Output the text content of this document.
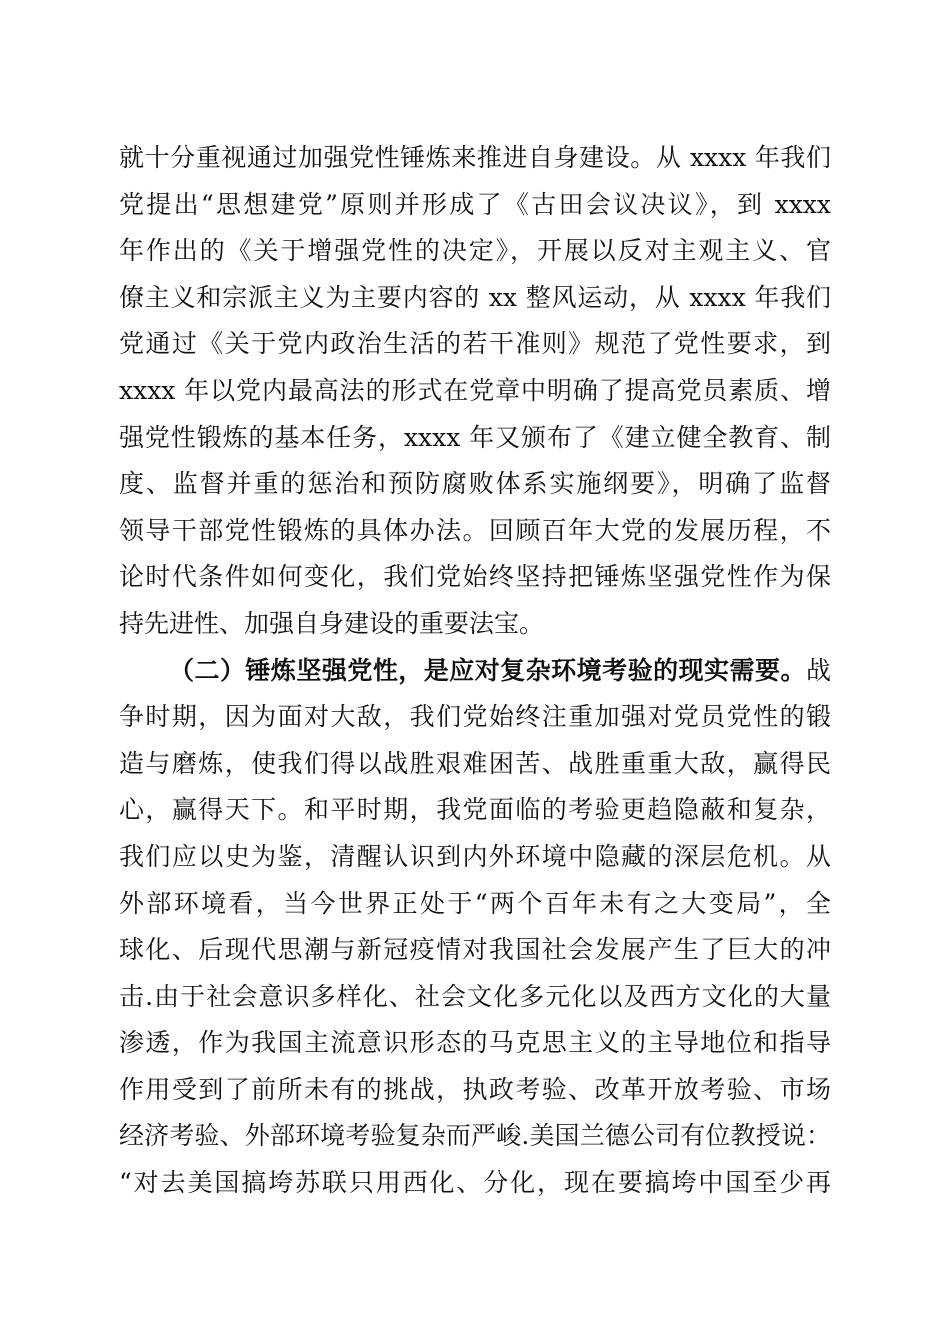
就十分重视通过加强党性锤炼来推进自身建设。从 xxxx 年我们
党提出“思想建党”原则并形成了《古田会议决议》，到 xxxx
年作出的《关于增强党性的决定》，开展以反对主观主义、官
僚主义和宗派主义为主要内容的 xx 整风运动，从 xxxx 年我们
党通过《关于党内政治生活的若干准则》规范了党性要求，到
xxxx 年以党内最高法的形式在党章中明确了提高党员素质、增
强党性锻炼的基本任务，xxxx 年又颁布了《建立健全教育、制
度、监督并重的惩治和预防腐败体系实施纲要》，明确了监督
领导干部党性锻炼的具体办法。回顾百年大党的发展历程，不
论时代条件如何变化，我们党始终坚持把锤炼坚强党性作为保
持先进性、加强自身建设的重要法宝。
（二）锤炼坚强党性，是应对复杂环境考验的现实需要。战
争时期，因为面对大敌，我们党始终注重加强对党员党性的锻
造与磨炼，使我们得以战胜艰难困苦、战胜重重大敌，赢得民
心，赢得天下。和平时期，我党面临的考验更趋隐蔽和复杂，
我们应以史为鉴，清醒认识到内外环境中隐藏的深层危机。从
外部环境看，当今世界正处于“两个百年未有之大变局”，全
球化、后现代思潮与新冠疫情对我国社会发展产生了巨大的冲
击.由于社会意识多样化、社会文化多元化以及西方文化的大量
渗透，作为我国主流意识形态的马克思主义的主导地位和指导
作用受到了前所未有的挑战，执政考验、改革开放考验、市场
经济考验、外部环境考验复杂而严峻.美国兰德公司有位教授说：
“对去美国搞垮苏联只用西化、分化，现在要搞垮中国至少再
